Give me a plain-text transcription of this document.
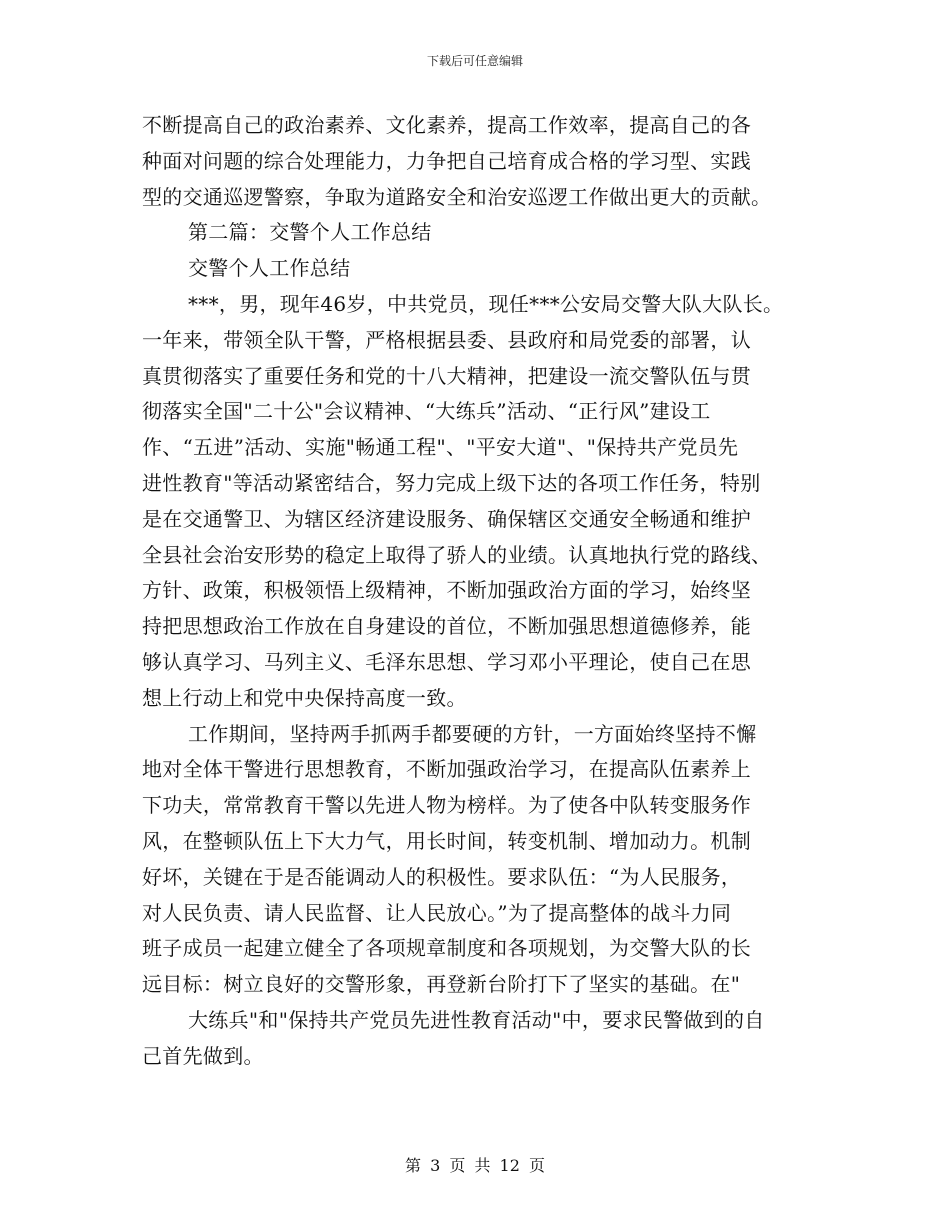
下载后可任意编辑
不断提高自己的政治素养、文化素养，提高工作效率，提高自己的各
种面对问题的综合处理能力，力争把自己培育成合格的学习型、实践
型的交通巡逻警察，争取为道路安全和治安巡逻工作做出更大的贡献。
第二篇：交警个人工作总结
交警个人工作总结
***，男，现年46岁，中共党员，现任***公安局交警大队大队长。
一年来，带领全队干警，严格根据县委、县政府和局党委的部署，认
真贯彻落实了重要任务和党的十八大精神，把建设一流交警队伍与贯
彻落实全国"二十公"会议精神、“大练兵”活动、“正行风”建设工
作、“五进”活动、实施"畅通工程"、"平安大道"、"保持共产党员先
进性教育"等活动紧密结合，努力完成上级下达的各项工作任务，特别
是在交通警卫、为辖区经济建设服务、确保辖区交通安全畅通和维护
全县社会治安形势的稳定上取得了骄人的业绩。认真地执行党的路线、
方针、政策，积极领悟上级精神，不断加强政治方面的学习，始终坚
持把思想政治工作放在自身建设的首位，不断加强思想道德修养，能
够认真学习、马列主义、毛泽东思想、学习邓小平理论，使自己在思
想上行动上和党中央保持高度一致。
工作期间，坚持两手抓两手都要硬的方针，一方面始终坚持不懈
地对全体干警进行思想教育，不断加强政治学习，在提高队伍素养上
下功夫，常常教育干警以先进人物为榜样。为了使各中队转变服务作
风，在整顿队伍上下大力气，用长时间，转变机制、增加动力。机制
好坏，关键在于是否能调动人的积极性。要求队伍：“为人民服务，
对人民负责、请人民监督、让人民放心。”为了提高整体的战斗力同
班子成员一起建立健全了各项规章制度和各项规划，为交警大队的长
远目标：树立良好的交警形象，再登新台阶打下了坚实的基础。在"
大练兵"和"保持共产党员先进性教育活动"中，要求民警做到的自
己首先做到。
第 3 页 共 12 页
